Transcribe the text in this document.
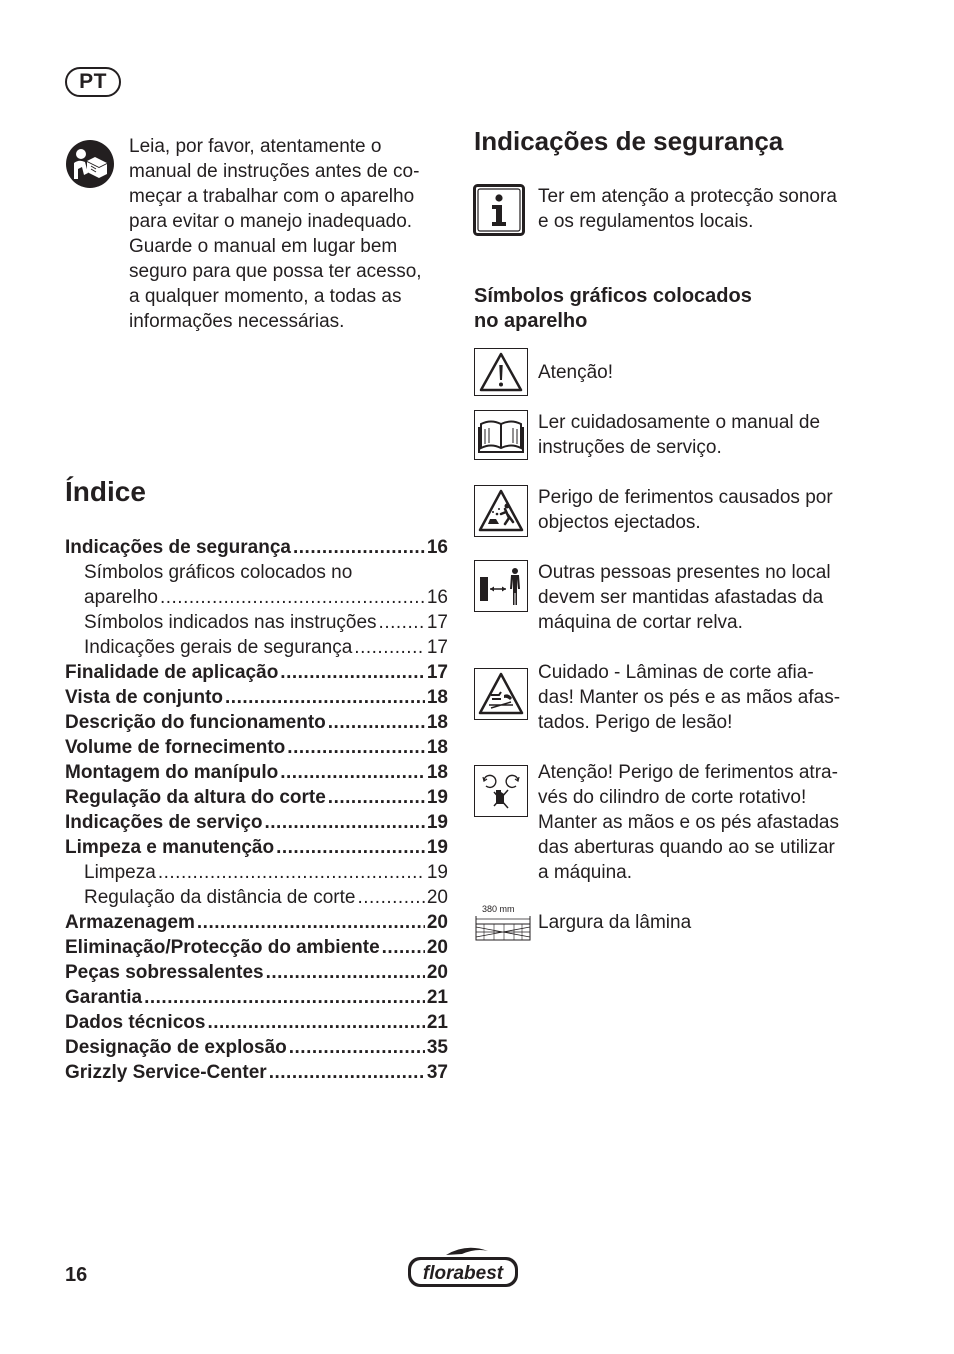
PT
Leia, por favor, atentamente o
manual de instruções antes de co-
meçar a trabalhar com o aparelho
para evitar o manejo inadequado.
Guarde o manual em lugar bem
seguro para que possa ter acesso,
a qualquer momento, a todas as
informações necessárias.
Índice
Indicações de segurança .....	16
Símbolos gráficos colocados no
aparelho .....	16
Símbolos indicados nas instruções .....	17
Indicações gerais de segurança .....	17
Finalidade de aplicação .....	17
Vista de conjunto .....	18
Descrição do funcionamento .....	18
Volume de fornecimento .....	18
Montagem do manípulo .....	18
Regulação da altura do corte .....	19
Indicações de serviço .....	19
Limpeza e manutenção .....	19
Limpeza .....	19
Regulação da distância de corte .....	20
Armazenagem .....	20
Eliminação/Protecção do ambiente ..... 20
Peças sobressalentes .....	20
Garantia .....	21
Dados técnicos .....	21
Designação de explosão .....	35
Grizzly Service-Center .....	37
Indicações de segurança
Ter em atenção a protecção sonora
e os regulamentos locais.
Símbolos gráficos colocados
no aparelho
Atenção!
Ler cuidadosamente o manual de
instruções de serviço.
Perigo de ferimentos causados por
objectos ejectados.
Outras pessoas presentes no local
devem ser mantidas afastadas da
máquina de cortar relva.
Cuidado - Lâminas de corte afia-
das! Manter os pés e as mãos afas-
tados. Perigo de lesão!
Atenção! Perigo de ferimentos atra-
vés do cilindro de corte rotativo!
Manter as mãos e os pés afastadas
das aberturas quando ao se utilizar
a máquina.
380 mm
Largura da lâmina
16	florabest
